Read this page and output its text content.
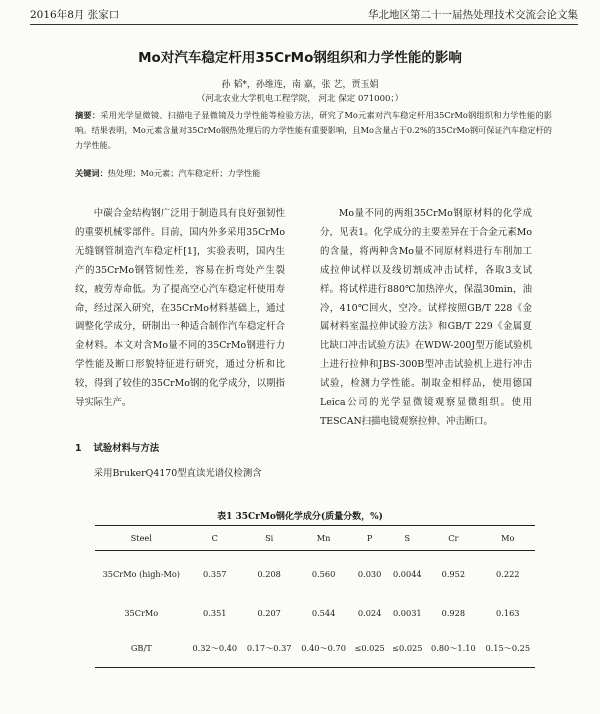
2016年8月 张家口	华北地区第二十一届热处理技术交流会论文集
Mo对汽车稳定杆用35CrMo钢组织和力学性能的影响
孙 韬*，孙维连，南 嘉，张 艺，贾玉娟
（河北农业大学机电工程学院， 河北 保定 071000；）
摘要：采用光学显微镜、扫描电子显微镜及力学性能等检验方法，研究了Mo元素对汽车稳定杆用35CrMo钢组织和力学性能的影响。结果表明，Mo元素含量对35CrMo钢热处理后的力学性能有重要影响，且Mo含量占于0.2%的35CrMo钢可保证汽车稳定杆的力学性能。
关键词：热处理；Mo元素；汽车稳定杆；力学性能
中碳合金结构钢广泛用于制造具有良好强韧性的重要机械零部件。目前，国内外多采用35CrMo无缝钢管制造汽车稳定杆[1]，实验表明，国内生产的35CrMo钢管韧性差，容易在折弯处产生裂纹，疲劳寿命低。为了提高空心汽车稳定杆使用寿命，经过深入研究，在35CrMo材料基础上，通过调整化学成分，研制出一种适合制作汽车稳定杆合金材料。本文对含Mo量不同的35CrMo钢进行力学性能及断口形貌特征进行研究，通过分析和比较，得到了较佳的35CrMo钢的化学成分，以期指导实际生产。
1 试验材料与方法
采用BrukerQ4170型直读光谱仪检测含
Mo量不同的两组35CrMo钢原材料的化学成分，见表1。化学成分的主要差异在于合金元素Mo的含量，将两种含Mo量不同原材料进行车削加工成拉伸试样以及线切割成冲击试样，各取3支试样。将试样进行880℃加热淬火，保温30min，油冷，410℃回火，空冷。试样按照GB/T 228《金属材料室温拉伸试验方法》和GB/T 229《金属夏比缺口冲击试验方法》在WDW-200J型万能试验机上进行拉伸和JBS-300B型冲击试验机上进行冲击试验，检测力学性能。制取金相样品，使用德国Leica公司的光学显微镜观察显微组织。使用TESCAN扫描电镜观察拉伸、冲击断口。
表1 35CrMo钢化学成分(质量分数，%)
Steel	C	Si	Mn	P	S	Cr	Mo
35CrMo (high-Mo)	0.357	0.208	0.560	0.030	0.0044	0.952	0.222
35CrMo	0.351	0.207	0.544	0.024	0.0031	0.928	0.163
GB/T	0.32～0.40	0.17～0.37	0.40～0.70	≤0.025	≤0.025	0.80～1.10	0.15～0.25
